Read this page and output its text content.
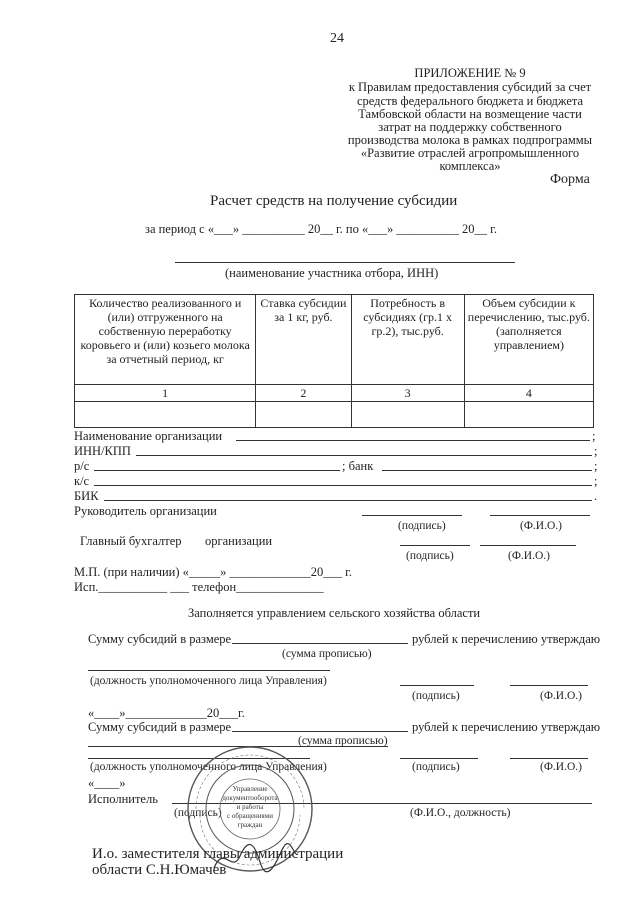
24
ПРИЛОЖЕНИЕ № 9
к Правилам предоставления субсидий за счет
средств федерального бюджета и бюджета
Тамбовской области на возмещение части
затрат на поддержку собственного
производства молока в рамках подпрограммы
«Развитие отраслей агропромышленного
комплекса»
Форма
Расчет средств на получение субсидии
за период с «___» __________ 20__ г. по «___» __________ 20__ г.
(наименование участника отбора, ИНН)
Количество реализованного и (или) отгруженного на собственную переработку коровьего и (или) козьего молока за отчетный период, кг	Ставка субсидии за 1 кг, руб.	Потребность в субсидиях (гр.1 х гр.2), тыс.руб.	Объем субсидии к перечислению, тыс.руб. (заполняется управлением)
1	2	3	4

Наименование организации	;
ИНН/КПП	;
р/с	; банк	;
к/с	;
БИК	.
Руководитель организации
(подпись)	(Ф.И.О.)
Главный бухгалтер организации
(подпись)	(Ф.И.О.)
М.П. (при наличии) «_____» _____________20___ г.
Исп.___________ ___ телефон______________
Заполняется управлением сельского хозяйства области
Сумму субсидий в размере	рублей к перечислению утверждаю
(сумма прописью)
(должность уполномоченного лица Управления)
(подпись)	(Ф.И.О.)
«____»_____________20___г.
Сумму субсидий в размере	рублей к перечислению утверждаю
(сумма прописью)
(должность уполномоченного лица Управления)	(подпись)	(Ф.И.О.)
«____»
Исполнитель
(подпись)	(Ф.И.О., должность)
Управление
документооборота
и работы
с обращениями
граждан
И.о. заместителя главы администрации
области С.Н.Юмачев
